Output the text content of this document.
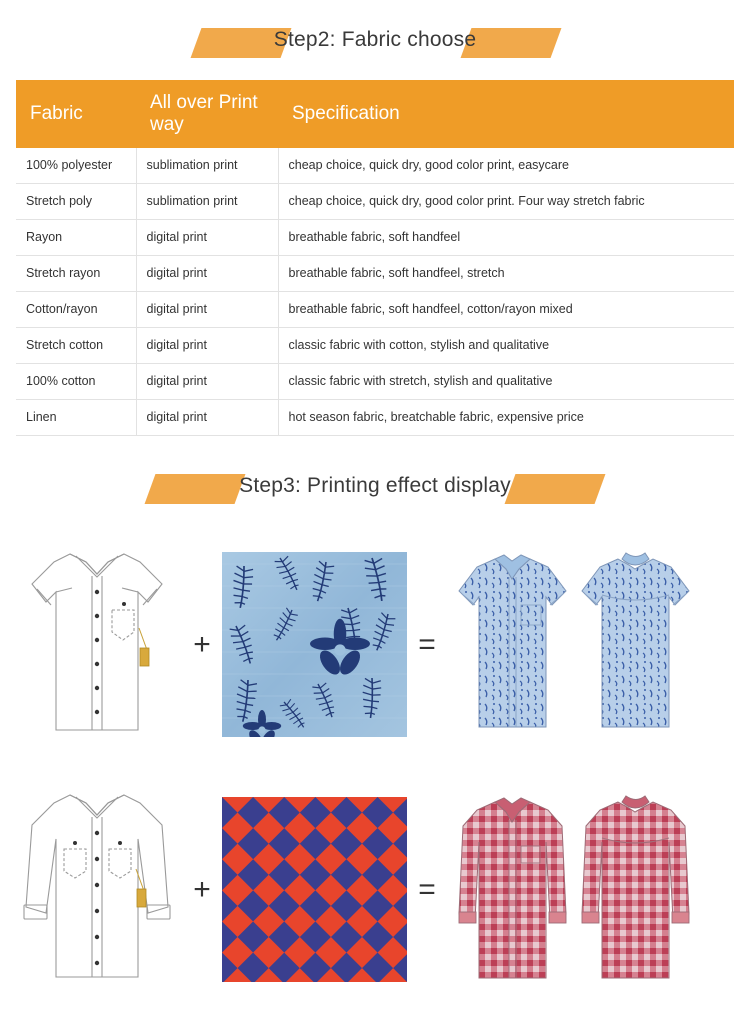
Step2: Fabric choose
Fabric	All over Print way	Specification
100% polyester	sublimation print	cheap choice, quick dry, good color print, easycare
Stretch poly	sublimation print	cheap choice, quick dry, good color print. Four way stretch fabric
Rayon	digital print	breathable fabric, soft handfeel
Stretch rayon	digital print	breathable fabric, soft handfeel, stretch
Cotton/rayon	digital print	breathable fabric, soft handfeel, cotton/rayon mixed
Stretch cotton	digital print	classic fabric with cotton, stylish and qualitative
100% cotton	digital print	classic fabric with stretch, stylish and qualitative
Linen	digital print	hot season fabric, breatchable fabric, expensive price
Step3: Printing effect display
+	=
+	=
